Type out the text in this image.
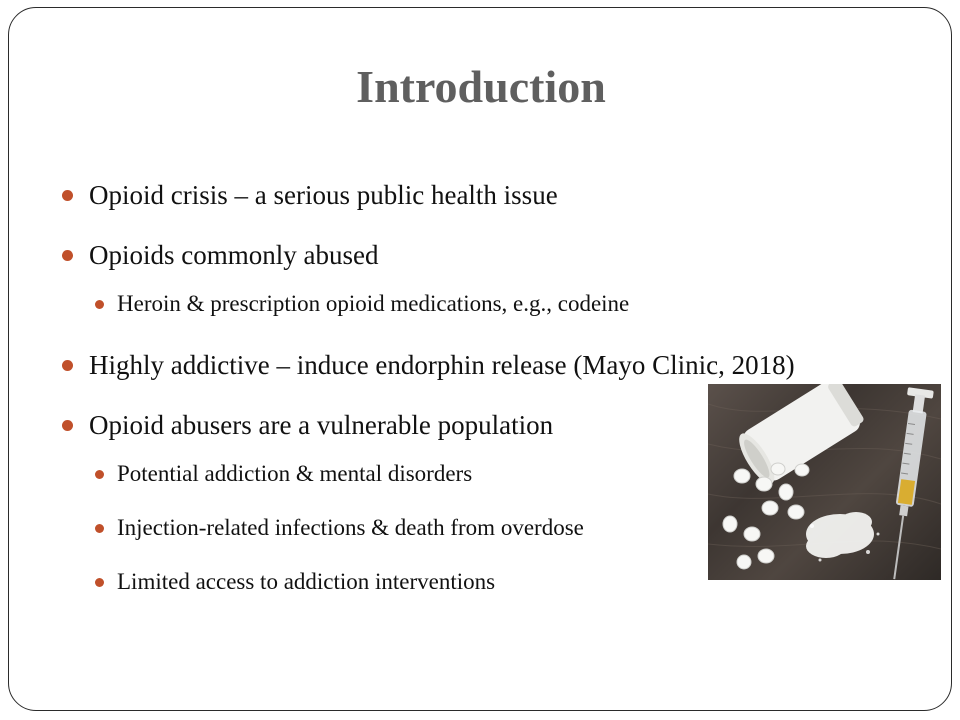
Introduction
Opioid crisis – a serious public health issue
Opioids commonly abused
Heroin & prescription opioid medications, e.g., codeine
Highly addictive – induce endorphin release (Mayo Clinic, 2018)
Opioid abusers are a vulnerable population
Potential addiction & mental disorders
Injection-related infections & death from overdose
Limited access to addiction interventions
